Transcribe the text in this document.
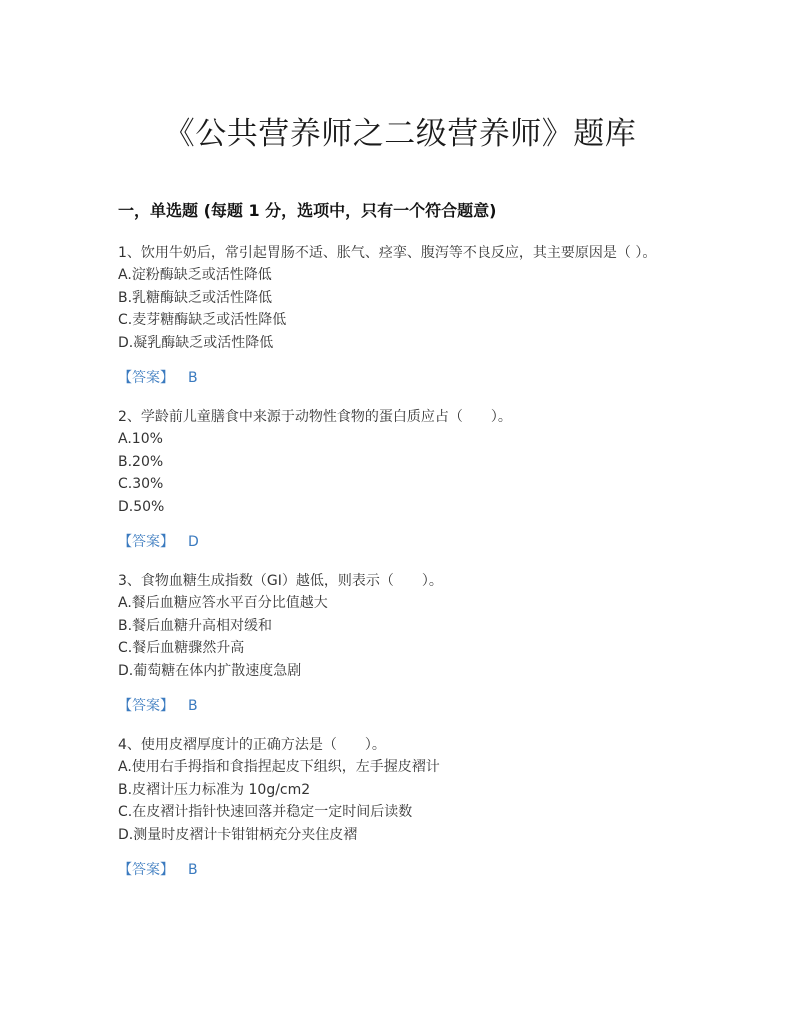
《公共营养师之二级营养师》题库
一，单选题 (每题 1 分，选项中，只有一个符合题意)

1、饮用牛奶后，常引起胃肠不适、胀气、痉挛、腹泻等不良反应，其主要原因是（ ）。

A.淀粉酶缺乏或活性降低
B.乳糖酶缺乏或活性降低
C.麦芽糖酶缺乏或活性降低
D.凝乳酶缺乏或活性降低
【答案】 B

2、学龄前儿童膳食中来源于动物性食物的蛋白质应占（　　）。

A.10%
B.20%
C.30%
D.50%
【答案】 D

3、食物血糖生成指数（GI）越低，则表示（　　）。

A.餐后血糖应答水平百分比值越大
B.餐后血糖升高相对缓和
C.餐后血糖骤然升高
D.葡萄糖在体内扩散速度急剧
【答案】 B

4、使用皮褶厚度计的正确方法是（　　）。

A.使用右手拇指和食指捏起皮下组织，左手握皮褶计
B.皮褶计压力标准为 10g/cm2
C.在皮褶计指针快速回落并稳定一定时间后读数
D.测量时皮褶计卡钳钳柄充分夹住皮褶
【答案】 B
